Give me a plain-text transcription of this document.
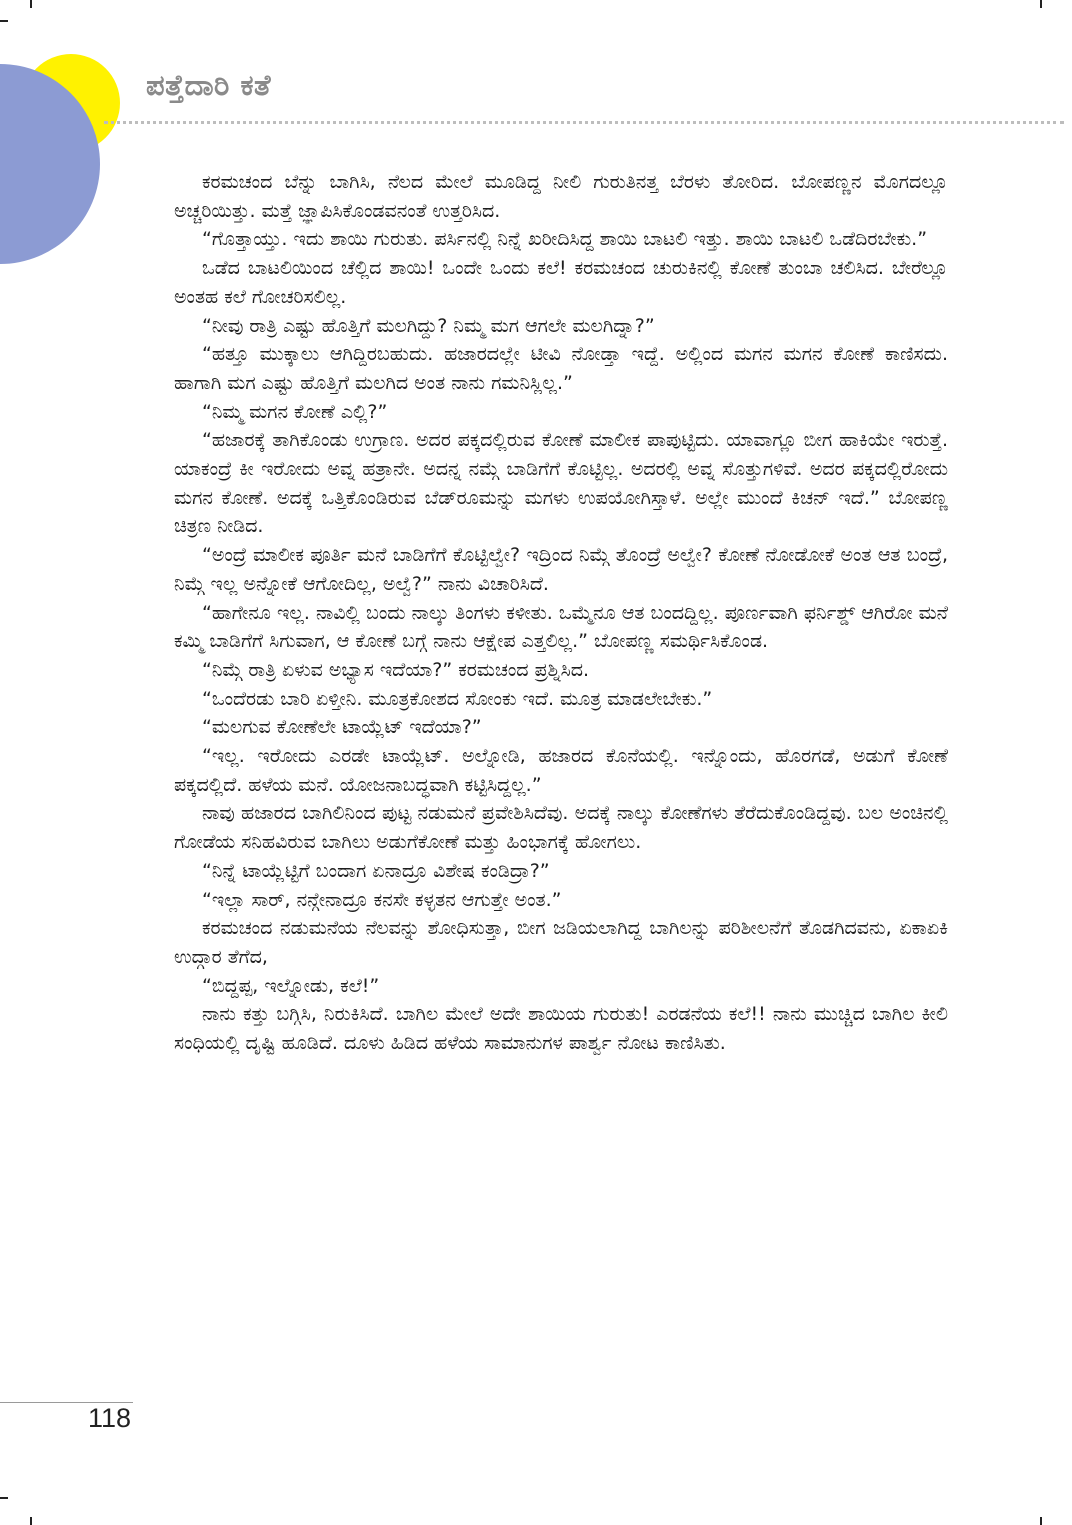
ಪತ್ತೆದಾರಿ ಕತೆ

ಕರಮಚಂದ ಬೆನ್ನು ಬಾಗಿಸಿ, ನೆಲದ ಮೇಲೆ ಮೂಡಿದ್ದ ನೀಲಿ ಗುರುತಿನತ್ತ ಬೆರಳು ತೋರಿದ. ಬೋಪಣ್ಣನ ಮೊಗದಲ್ಲೂ ಅಚ್ಚರಿಯಿತ್ತು. ಮತ್ತೆ ಜ್ಞಾಪಿಸಿಕೊಂಡವನಂತೆ ಉತ್ತರಿಸಿದ.

“ಗೊತ್ತಾಯ್ತು. ಇದು ಶಾಯಿ ಗುರುತು. ಪರ್ಸಿನಲ್ಲಿ ನಿನ್ನೆ ಖರೀದಿಸಿದ್ದ ಶಾಯಿ ಬಾಟಲಿ ಇತ್ತು. ಶಾಯಿ ಬಾಟಲಿ ಒಡೆದಿರಬೇಕು.”

ಒಡೆದ ಬಾಟಲಿಯಿಂದ ಚೆಲ್ಲಿದ ಶಾಯಿ! ಒಂದೇ ಒಂದು ಕಲೆ! ಕರಮಚಂದ ಚುರುಕಿನಲ್ಲಿ ಕೋಣೆ ತುಂಬಾ ಚಲಿಸಿದ. ಬೇರೆಲ್ಲೂ ಅಂತಹ ಕಲೆ ಗೋಚರಿಸಲಿಲ್ಲ.

“ನೀವು ರಾತ್ರಿ ಎಷ್ಟು ಹೊತ್ತಿಗೆ ಮಲಗಿದ್ದು? ನಿಮ್ಮ ಮಗ ಆಗಲೇ ಮಲಗಿದ್ನಾ?”

“ಹತ್ತೂ ಮುಕ್ಕಾಲು ಆಗಿದ್ದಿರಬಹುದು. ಹಜಾರದಲ್ಲೇ ಟೀವಿ ನೋಡ್ತಾ ಇದ್ದೆ. ಅಲ್ಲಿಂದ ಮಗನ ಮಗನ ಕೋಣೆ ಕಾಣಿಸದು. ಹಾಗಾಗಿ ಮಗ ಎಷ್ಟು ಹೊತ್ತಿಗೆ ಮಲಗಿದ ಅಂತ ನಾನು ಗಮನಿಸ್ಲಿಲ್ಲ.”

“ನಿಮ್ಮ ಮಗನ ಕೋಣೆ ಎಲ್ಲಿ?”

“ಹಜಾರಕ್ಕೆ ತಾಗಿಕೊಂಡು ಉಗ್ರಾಣ. ಅದರ ಪಕ್ಕದಲ್ಲಿರುವ ಕೋಣೆ ಮಾಲೀಕ ಪಾಪುಟ್ಟಿದು. ಯಾವಾಗ್ಲೂ ಬೀಗ ಹಾಕಿಯೇ ಇರುತ್ತೆ. ಯಾಕಂದ್ರೆ ಕೀ ಇರೋದು ಅವ್ನ ಹತ್ರಾನೇ. ಅದನ್ನ ನಮ್ಗೆ ಬಾಡಿಗೆಗೆ ಕೊಟ್ಟಿಲ್ಲ. ಅದರಲ್ಲಿ ಅವ್ನ ಸೊತ್ತುಗಳಿವೆ. ಅದರ ಪಕ್ಕದಲ್ಲಿರೋದು ಮಗನ ಕೋಣೆ. ಅದಕ್ಕೆ ಒತ್ತಿಕೊಂಡಿರುವ ಬೆಡ್‌ರೂಮನ್ನು ಮಗಳು ಉಪಯೋಗಿಸ್ತಾಳೆ. ಅಲ್ಲೇ ಮುಂದೆ ಕಿಚನ್ ಇದೆ.” ಬೋಪಣ್ಣ ಚಿತ್ರಣ ನೀಡಿದ.

“ಅಂದ್ರೆ ಮಾಲೀಕ ಪೂರ್ತಿ ಮನೆ ಬಾಡಿಗೆಗೆ ಕೊಟ್ಟಿಲ್ವೇ? ಇದ್ರಿಂದ ನಿಮ್ಗೆ ತೊಂದ್ರೆ ಅಲ್ವೇ? ಕೋಣೆ ನೋಡೋಕೆ ಅಂತ ಆತ ಬಂದ್ರೆ, ನಿಮ್ಗೆ ಇಲ್ಲ ಅನ್ನೋಕೆ ಆಗೋದಿಲ್ಲ, ಅಲ್ವೆ?” ನಾನು ವಿಚಾರಿಸಿದೆ.

“ಹಾಗೇನೂ ಇಲ್ಲ. ನಾವಿಲ್ಲಿ ಬಂದು ನಾಲ್ಕು ತಿಂಗಳು ಕಳೀತು. ಒಮ್ಮೆನೂ ಆತ ಬಂದದ್ದಿಲ್ಲ. ಪೂರ್ಣವಾಗಿ ಫರ್ನಿಶ್ಡ್ ಆಗಿರೋ ಮನೆ ಕಮ್ಮಿ ಬಾಡಿಗೆಗೆ ಸಿಗುವಾಗ, ಆ ಕೋಣೆ ಬಗ್ಗೆ ನಾನು ಆಕ್ಷೇಪ ಎತ್ತಲಿಲ್ಲ.” ಬೋಪಣ್ಣ ಸಮರ್ಥಿಸಿಕೊಂಡ.

“ನಿಮ್ಗೆ ರಾತ್ರಿ ಏಳುವ ಅಭ್ಯಾಸ ಇದೆಯಾ?” ಕರಮಚಂದ ಪ್ರಶ್ನಿಸಿದ.

“ಒಂದೆರಡು ಬಾರಿ ಏಳ್ತೀನಿ. ಮೂತ್ರಕೋಶದ ಸೋಂಕು ಇದೆ. ಮೂತ್ರ ಮಾಡಲೇಬೇಕು.”

“ಮಲಗುವ ಕೋಣೆಲೇ ಟಾಯ್ಲೆಟ್ ಇದೆಯಾ?”

“ಇಲ್ಲ. ಇರೋದು ಎರಡೇ ಟಾಯ್ಲೆಟ್. ಅಲ್ನೋಡಿ, ಹಜಾರದ ಕೊನೆಯಲ್ಲಿ. ಇನ್ನೊಂದು, ಹೊರಗಡೆ, ಅಡುಗೆ ಕೋಣೆ ಪಕ್ಕದಲ್ಲಿದೆ. ಹಳೆಯ ಮನೆ. ಯೋಜನಾಬದ್ಧವಾಗಿ ಕಟ್ಟಿಸಿದ್ದಲ್ಲ.”

ನಾವು ಹಜಾರದ ಬಾಗಿಲಿನಿಂದ ಪುಟ್ಟ ನಡುಮನೆ ಪ್ರವೇಶಿಸಿದೆವು. ಅದಕ್ಕೆ ನಾಲ್ಕು ಕೋಣೆಗಳು ತೆರೆದುಕೊಂಡಿದ್ದವು. ಬಲ ಅಂಚಿನಲ್ಲಿ ಗೋಡೆಯ ಸನಿಹವಿರುವ ಬಾಗಿಲು ಅಡುಗೆಕೋಣೆ ಮತ್ತು ಹಿಂಭಾಗಕ್ಕೆ ಹೋಗಲು.

“ನಿನ್ನೆ ಟಾಯ್ಲೆಟ್ಟಿಗೆ ಬಂದಾಗ ಏನಾದ್ರೂ ವಿಶೇಷ ಕಂಡಿದ್ರಾ?”

“ಇಲ್ಲಾ ಸಾರ್, ನನ್ಗೇನಾದ್ರೂ ಕನಸೇ ಕಳ್ಳತನ ಆಗುತ್ತೇ ಅಂತ.”

ಕರಮಚಂದ ನಡುಮನೆಯ ನೆಲವನ್ನು ಶೋಧಿಸುತ್ತಾ, ಬೀಗ ಜಡಿಯಲಾಗಿದ್ದ ಬಾಗಿಲನ್ನು ಪರಿಶೀಲನೆಗೆ ತೊಡಗಿದವನು, ಏಕಾಏಕಿ ಉದ್ಗಾರ ತೆಗೆದ,

“ಬಿದ್ದಪ್ಪ, ಇಲ್ನೋಡು, ಕಲೆ!”

ನಾನು ಕತ್ತು ಬಗ್ಗಿಸಿ, ನಿರುಕಿಸಿದೆ. ಬಾಗಿಲ ಮೇಲೆ ಅದೇ ಶಾಯಿಯ ಗುರುತು! ಎರಡನೆಯ ಕಲೆ!! ನಾನು ಮುಚ್ಚಿದ ಬಾಗಿಲ ಕೀಲಿ ಸಂಧಿಯಲ್ಲಿ ದೃಷ್ಟಿ ಹೂಡಿದೆ. ದೂಳು ಹಿಡಿದ ಹಳೆಯ ಸಾಮಾನುಗಳ ಪಾರ್ಶ್ವ ನೋಟ ಕಾಣಿಸಿತು.

118
